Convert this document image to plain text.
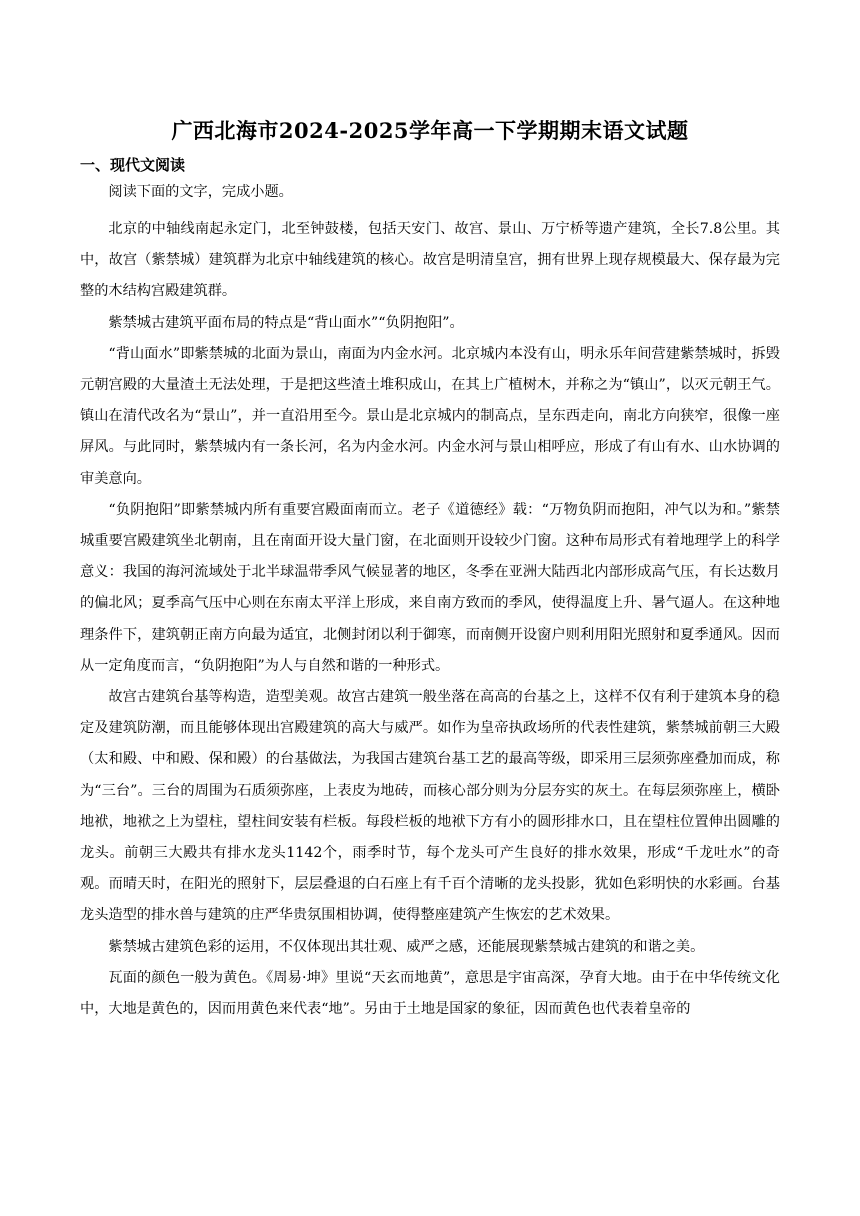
广西北海市2024-2025学年高一下学期期末语文试题
一、现代文阅读

阅读下面的文字，完成小题。

北京的中轴线南起永定门，北至钟鼓楼，包括天安门、故宫、景山、万宁桥等遗产建筑，全长7.8公里。其中，故宫（紫禁城）建筑群为北京中轴线建筑的核心。故宫是明清皇宫，拥有世界上现存规模最大、保存最为完整的木结构宫殿建筑群。

紫禁城古建筑平面布局的特点是“背山面水”“负阴抱阳”。

“背山面水”即紫禁城的北面为景山，南面为内金水河。北京城内本没有山，明永乐年间营建紫禁城时，拆毁元朝宫殿的大量渣土无法处理，于是把这些渣土堆积成山，在其上广植树木，并称之为“镇山”，以灭元朝王气。镇山在清代改名为“景山”，并一直沿用至今。景山是北京城内的制高点，呈东西走向，南北方向狭窄，很像一座屏风。与此同时，紫禁城内有一条长河，名为内金水河。内金水河与景山相呼应，形成了有山有水、山水协调的审美意向。

“负阴抱阳”即紫禁城内所有重要宫殿面南而立。老子《道德经》载：“万物负阴而抱阳，冲气以为和。”紫禁城重要宫殿建筑坐北朝南，且在南面开设大量门窗，在北面则开设较少门窗。这种布局形式有着地理学上的科学意义：我国的海河流域处于北半球温带季风气候显著的地区，冬季在亚洲大陆西北内部形成高气压，有长达数月的偏北风；夏季高气压中心则在东南太平洋上形成，来自南方致而的季风，使得温度上升、暑气逼人。在这种地理条件下，建筑朝正南方向最为适宜，北侧封闭以利于御寒，而南侧开设窗户则利用阳光照射和夏季通风。因而从一定角度而言，“负阴抱阳”为人与自然和谐的一种形式。

故宫古建筑台基等构造，造型美观。故宫古建筑一般坐落在高高的台基之上，这样不仅有利于建筑本身的稳定及建筑防潮，而且能够体现出宫殿建筑的高大与威严。如作为皇帝执政场所的代表性建筑，紫禁城前朝三大殿（太和殿、中和殿、保和殿）的台基做法，为我国古建筑台基工艺的最高等级，即采用三层须弥座叠加而成，称为“三台”。三台的周围为石质须弥座，上表皮为地砖，而核心部分则为分层夯实的灰土。在每层须弥座上，横卧地袱，地袱之上为望柱，望柱间安装有栏板。每段栏板的地袱下方有小的圆形排水口，且在望柱位置伸出圆雕的龙头。前朝三大殿共有排水龙头1142个，雨季时节，每个龙头可产生良好的排水效果，形成“千龙吐水”的奇观。而晴天时，在阳光的照射下，层层叠退的白石座上有千百个清晰的龙头投影，犹如色彩明快的水彩画。台基龙头造型的排水兽与建筑的庄严华贵氛围相协调，使得整座建筑产生恢宏的艺术效果。

紫禁城古建筑色彩的运用，不仅体现出其壮观、威严之感，还能展现紫禁城古建筑的和谐之美。

瓦面的颜色一般为黄色。《周易·坤》里说“天玄而地黄”，意思是宇宙高深，孕育大地。由于在中华传统文化中，大地是黄色的，因而用黄色来代表“地”。另由于土地是国家的象征，因而黄色也代表着皇帝的
